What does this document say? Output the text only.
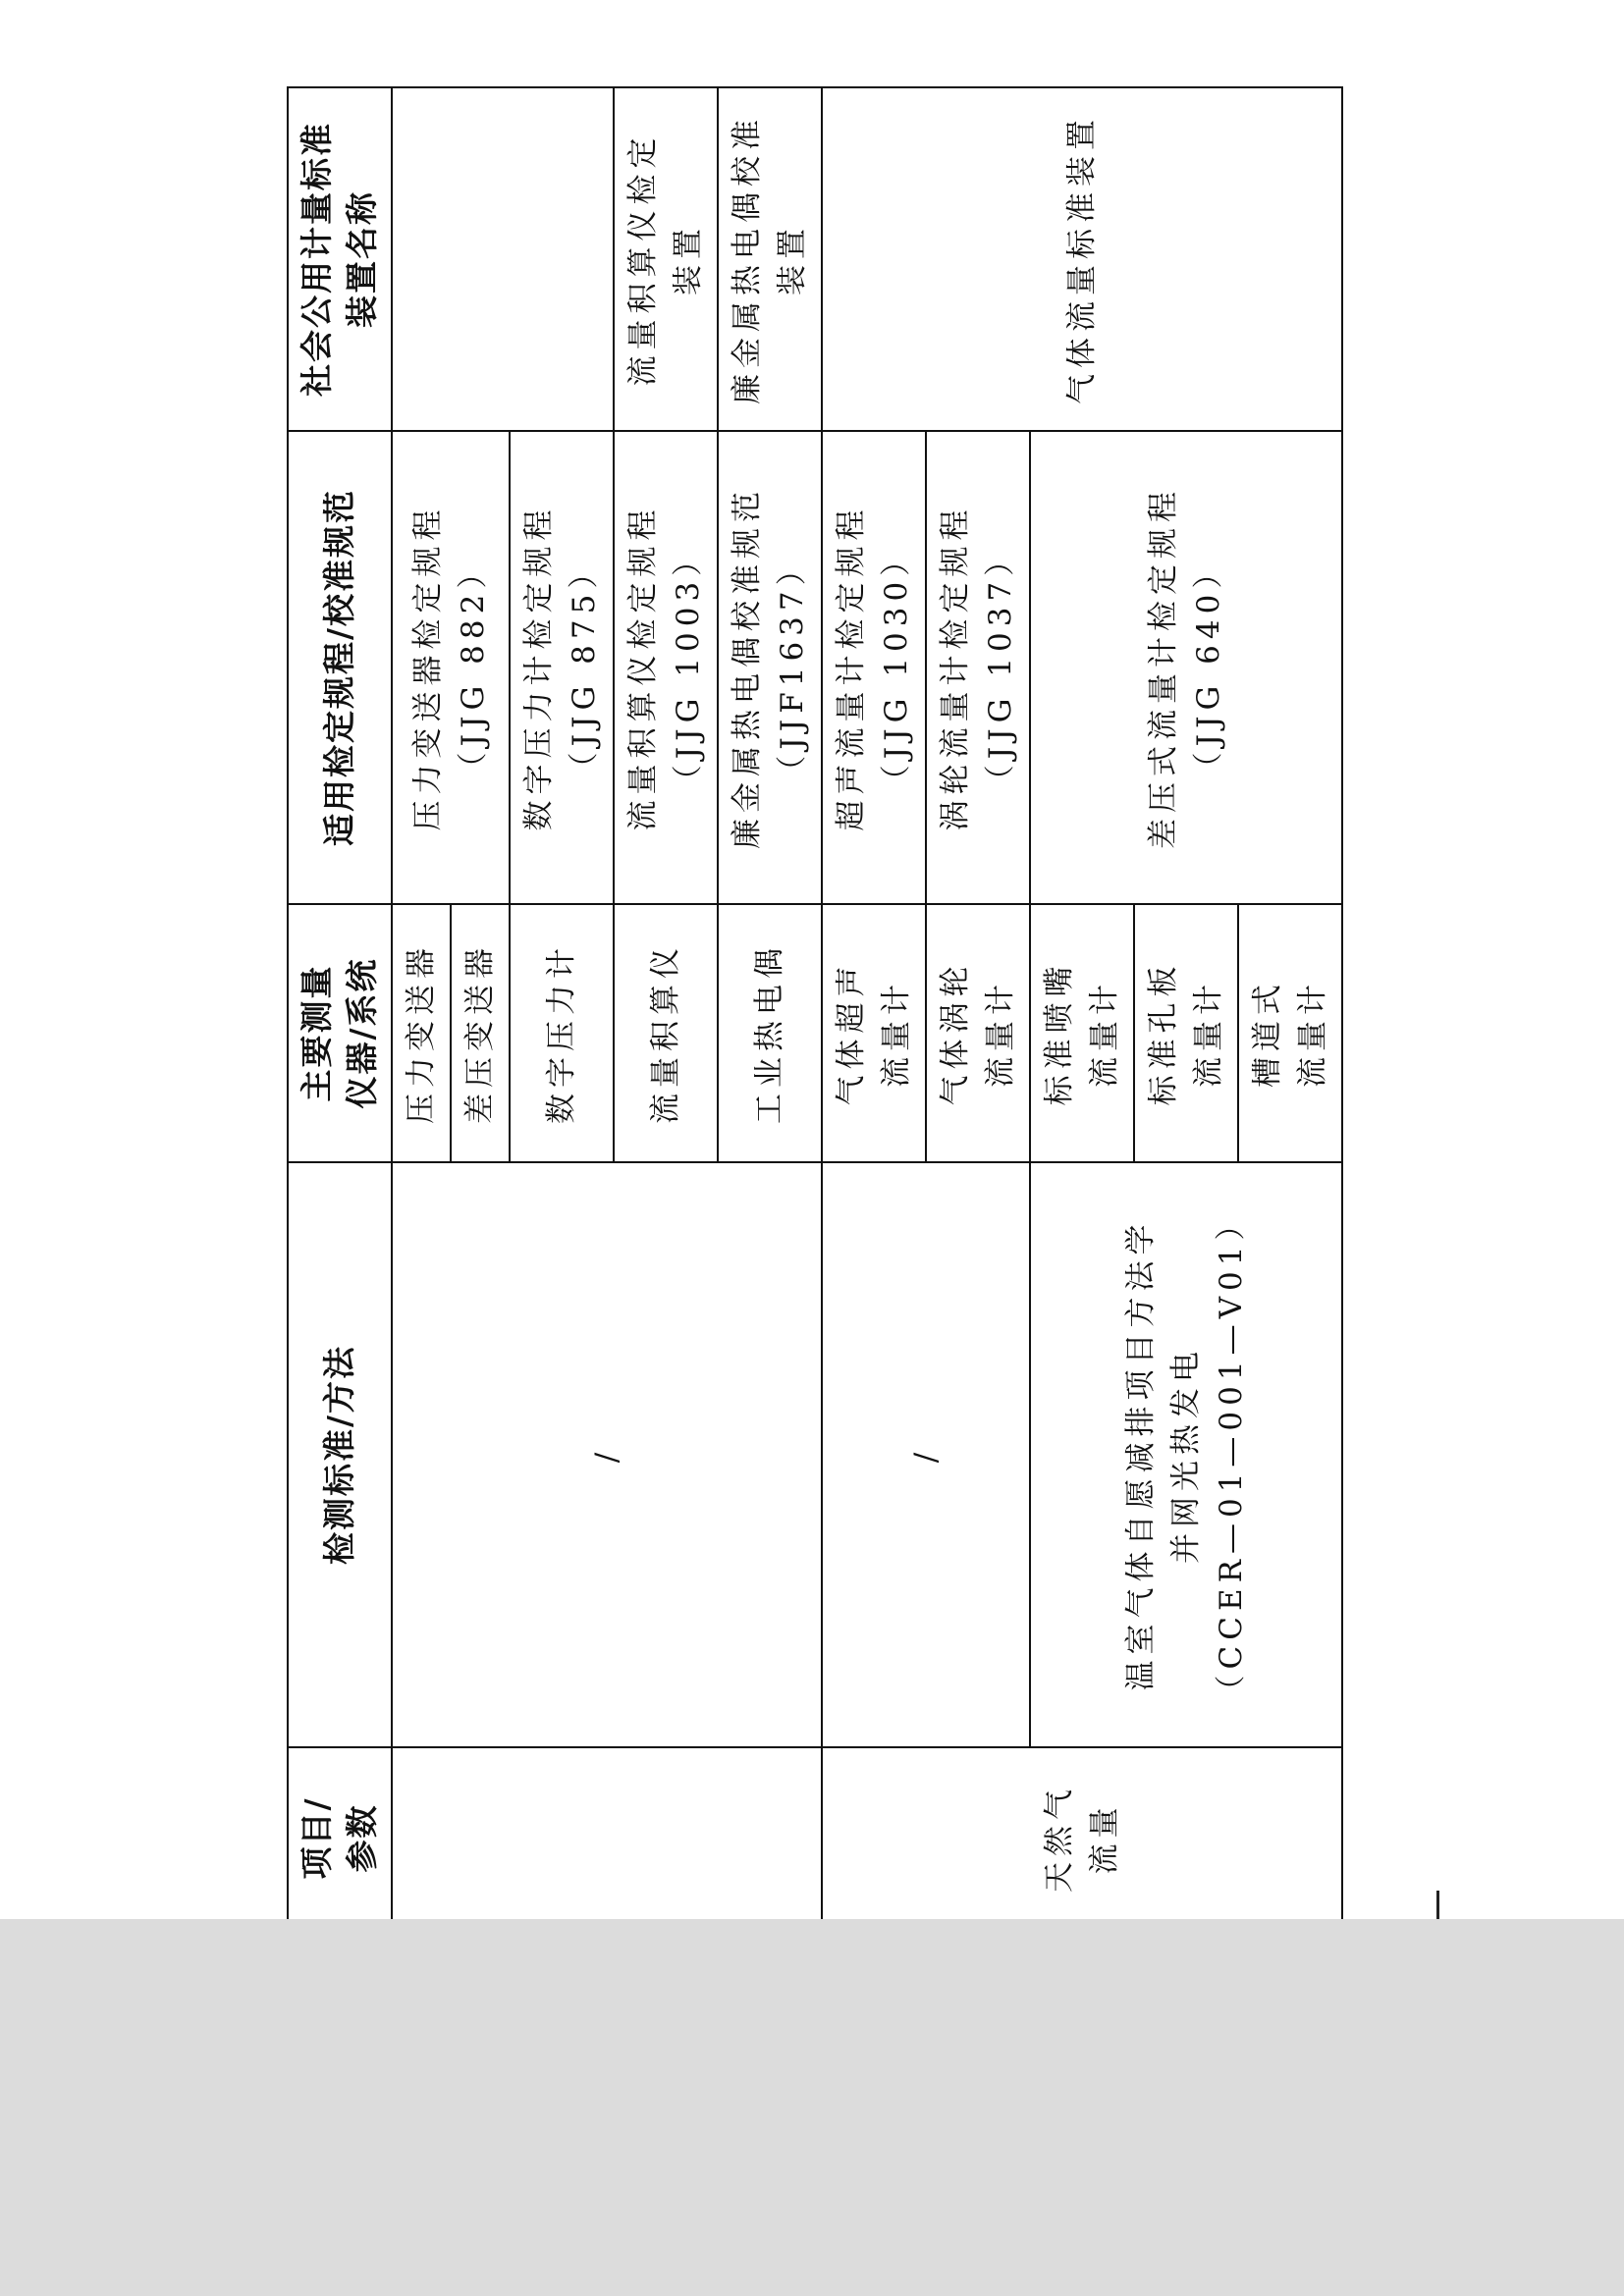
项目/
参数	检测标准/方法	主要测量
仪器/系统	适用检定规程/校准规范	社会公用计量标准
装置名称
	/	压力变送器	压力变送器检定规程
（JJG 882）	
		差压变送器		
		数字压力计	数字压力计检定规程
（JJG 875）	
		流量积算仪	流量积算仪检定规程
（JJG 1003）	流量积算仪检定
装置
		工业热电偶	廉金属热电偶校准规范
（JJF1637）	廉金属热电偶校准
装置
天然气
流量	/	气体超声
流量计	超声流量计检定规程
（JJG 1030）	气体流量标准装置
		气体涡轮
流量计	涡轮流量计检定规程
（JJG 1037）	
	温室气体自愿减排项目方法学
并网光热发电
（CCER—01—001—V01）	标准喷嘴
流量计	差压式流量计检定规程
（JJG 640）	
		标准孔板
流量计		
		槽道式
流量计		
